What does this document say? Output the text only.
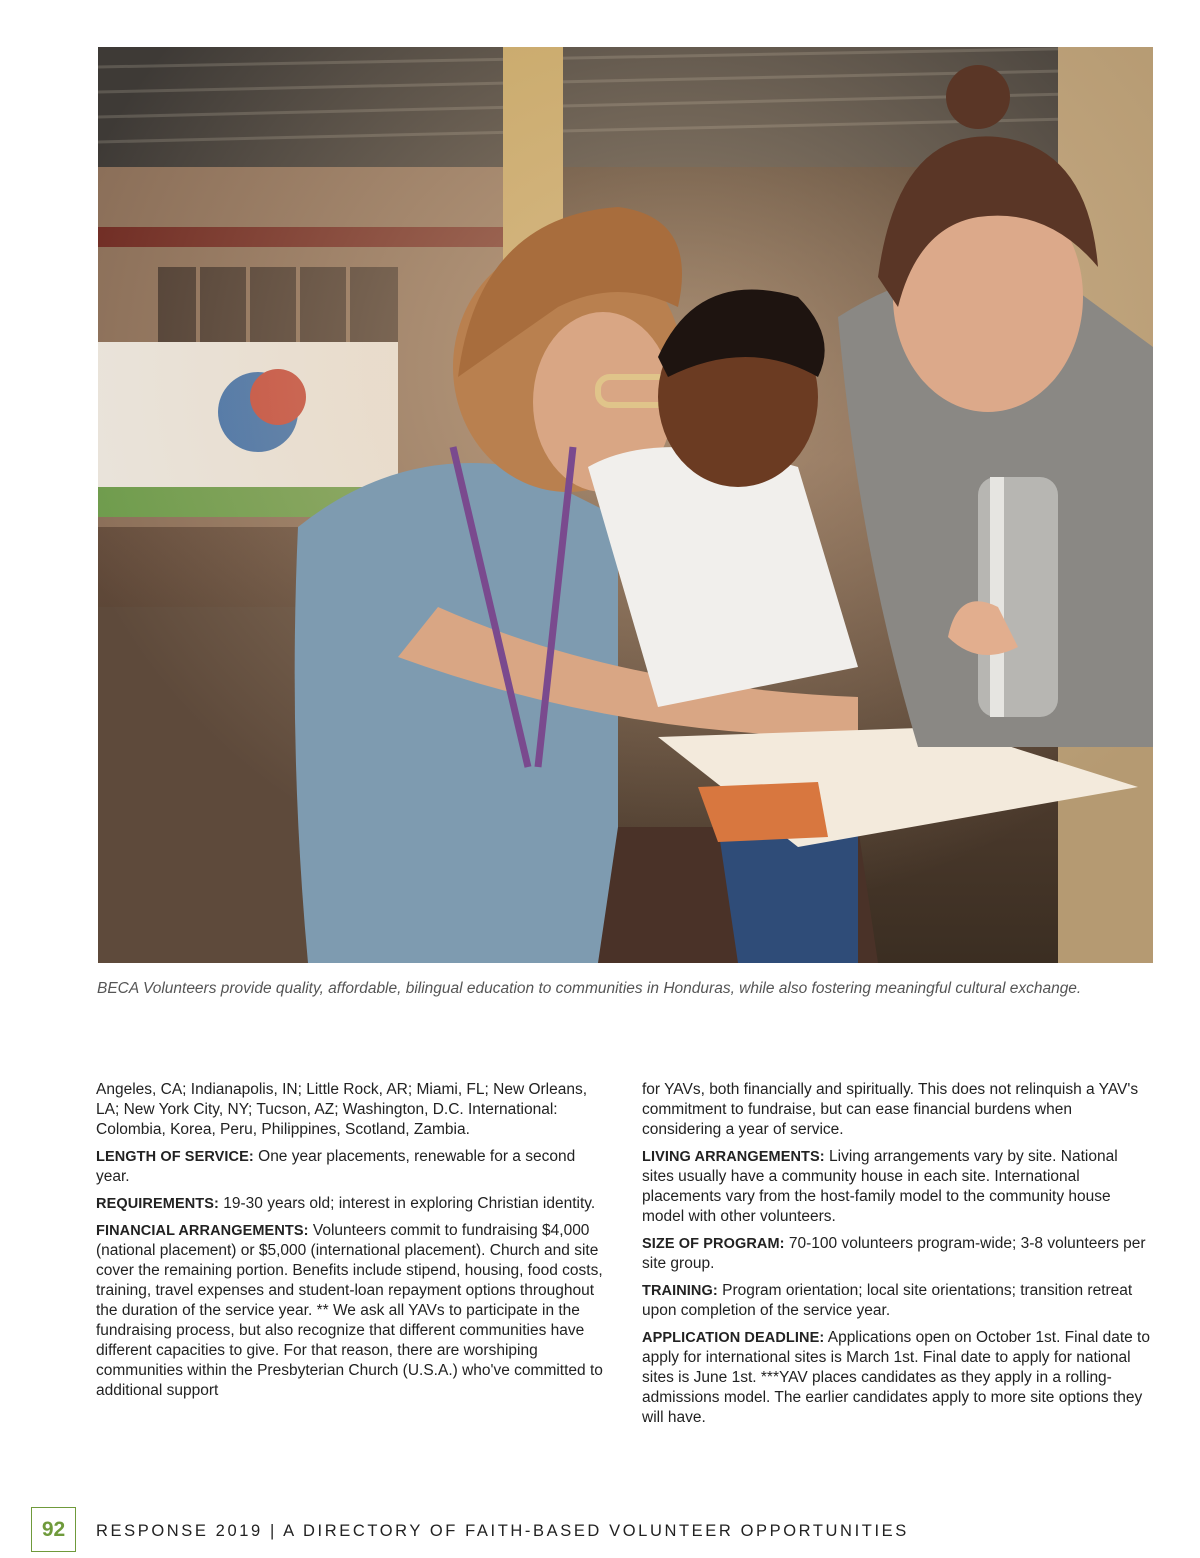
BECA Volunteers provide quality, affordable, bilingual education to communities in Honduras, while also fostering meaningful cultural exchange.

Angeles, CA; Indianapolis, IN; Little Rock, AR; Miami, FL; New Orleans, LA; New York City, NY; Tucson, AZ; Washington, D.C. International: Colombia, Korea, Peru, Philippines, Scotland, Zambia.

LENGTH OF SERVICE: One year placements, renewable for a second year.

REQUIREMENTS: 19-30 years old; interest in exploring Christian identity.

FINANCIAL ARRANGEMENTS: Volunteers commit to fundraising $4,000 (national placement) or $5,000 (international placement). Church and site cover the remaining portion. Benefits include stipend, housing, food costs, training, travel expenses and student-loan repayment options throughout the duration of the service year. ** We ask all YAVs to participate in the fundraising process, but also recognize that different communities have different capacities to give. For that reason, there are worshiping communities within the Presbyterian Church (U.S.A.) who've committed to additional support

for YAVs, both financially and spiritually. This does not relinquish a YAV's commitment to fundraise, but can ease financial burdens when considering a year of service.

LIVING ARRANGEMENTS: Living arrangements vary by site. National sites usually have a community house in each site. International placements vary from the host-family model to the community house model with other volunteers.

SIZE OF PROGRAM: 70-100 volunteers program-wide; 3-8 volunteers per site group.

TRAINING: Program orientation; local site orientations; transition retreat upon completion of the service year.

APPLICATION DEADLINE: Applications open on October 1st. Final date to apply for international sites is March 1st. Final date to apply for national sites is June 1st. ***YAV places candidates as they apply in a rolling-admissions model. The earlier candidates apply to more site options they will have.

92	RESPONSE 2019 | A DIRECTORY OF FAITH-BASED VOLUNTEER OPPORTUNITIES
